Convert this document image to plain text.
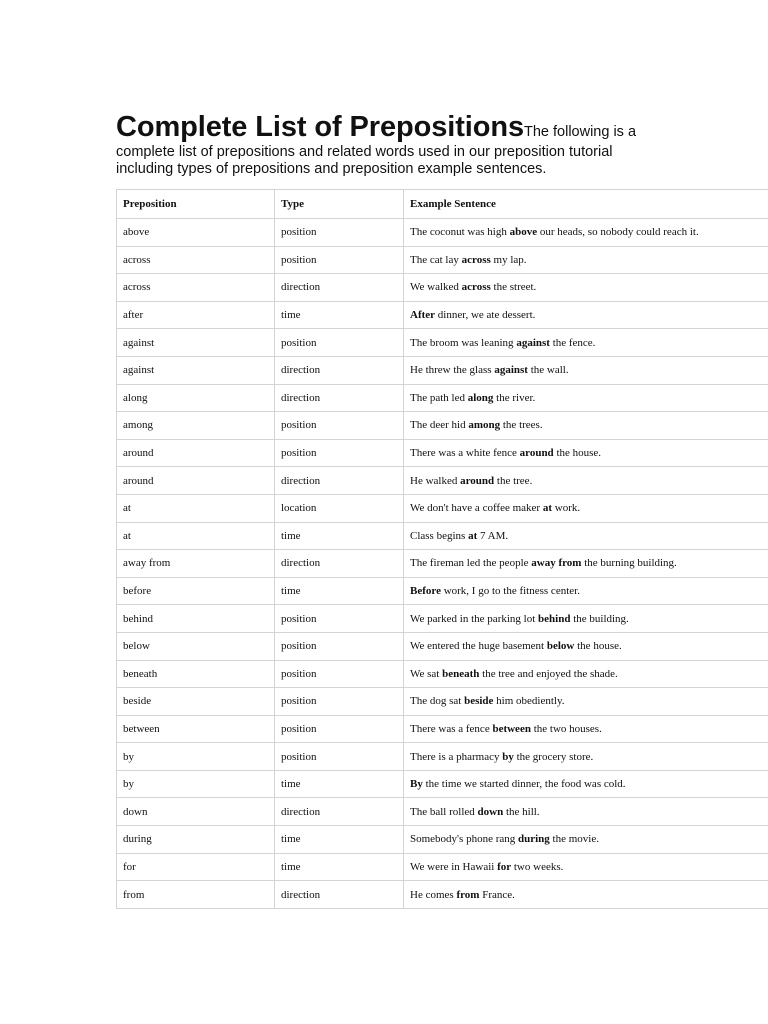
Complete List of PrepositionsThe following is a complete list of prepositions and related words used in our preposition tutorial including types of prepositions and preposition example sentences.

Preposition	Type	Example Sentence
above	position	The coconut was high above our heads, so nobody could reach it.
across	position	The cat lay across my lap.
across	direction	We walked across the street.
after	time	After dinner, we ate dessert.
against	position	The broom was leaning against the fence.
against	direction	He threw the glass against the wall.
along	direction	The path led along the river.
among	position	The deer hid among the trees.
around	position	There was a white fence around the house.
around	direction	He walked around the tree.
at	location	We don't have a coffee maker at work.
at	time	Class begins at 7 AM.
away from	direction	The fireman led the people away from the burning building.
before	time	Before work, I go to the fitness center.
behind	position	We parked in the parking lot behind the building.
below	position	We entered the huge basement below the house.
beneath	position	We sat beneath the tree and enjoyed the shade.
beside	position	The dog sat beside him obediently.
between	position	There was a fence between the two houses.
by	position	There is a pharmacy by the grocery store.
by	time	By the time we started dinner, the food was cold.
down	direction	The ball rolled down the hill.
during	time	Somebody's phone rang during the movie.
for	time	We were in Hawaii for two weeks.
from	direction	He comes from France.
